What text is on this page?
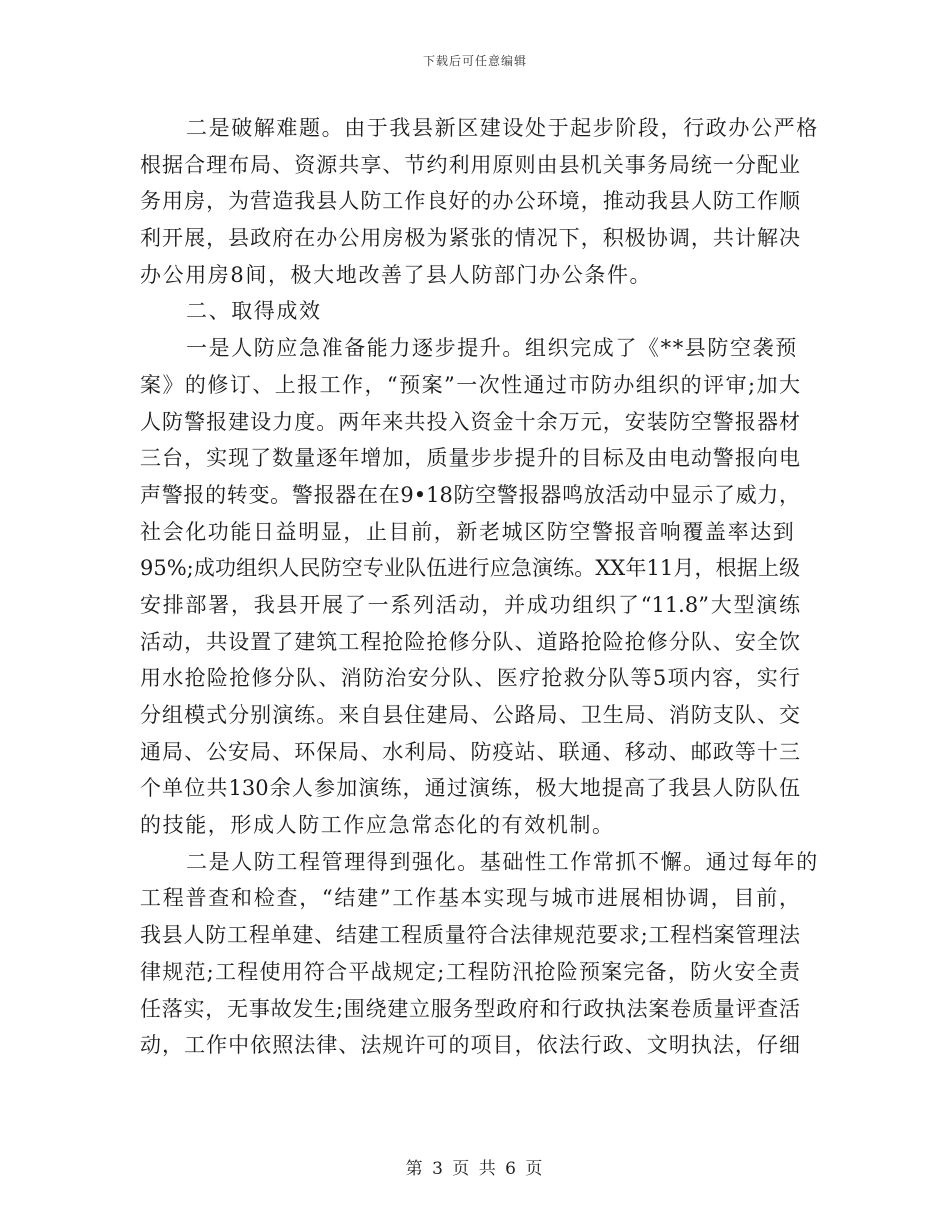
下载后可任意编辑
二是破解难题。由于我县新区建设处于起步阶段，行政办公严格
根据合理布局、资源共享、节约利用原则由县机关事务局统一分配业
务用房，为营造我县人防工作良好的办公环境，推动我县人防工作顺
利开展，县政府在办公用房极为紧张的情况下，积极协调，共计解决
办公用房8间，极大地改善了县人防部门办公条件。
二、取得成效
一是人防应急准备能力逐步提升。组织完成了《**县防空袭预
案》的修订、上报工作，“预案”一次性通过市防办组织的评审;加大
人防警报建设力度。两年来共投入资金十余万元，安装防空警报器材
三台，实现了数量逐年增加，质量步步提升的目标及由电动警报向电
声警报的转变。警报器在在9•18防空警报器鸣放活动中显示了威力，
社会化功能日益明显，止目前，新老城区防空警报音响覆盖率达到
95%;成功组织人民防空专业队伍进行应急演练。XX年11月，根据上级
安排部署，我县开展了一系列活动，并成功组织了“11.8”大型演练
活动，共设置了建筑工程抢险抢修分队、道路抢险抢修分队、安全饮
用水抢险抢修分队、消防治安分队、医疗抢救分队等5项内容，实行
分组模式分别演练。来自县住建局、公路局、卫生局、消防支队、交
通局、公安局、环保局、水利局、防疫站、联通、移动、邮政等十三
个单位共130余人参加演练，通过演练，极大地提高了我县人防队伍
的技能，形成人防工作应急常态化的有效机制。
二是人防工程管理得到强化。基础性工作常抓不懈。通过每年的
工程普查和检查，“结建”工作基本实现与城市进展相协调，目前，
我县人防工程单建、结建工程质量符合法律规范要求;工程档案管理法
律规范;工程使用符合平战规定;工程防汛抢险预案完备，防火安全责
任落实，无事故发生;围绕建立服务型政府和行政执法案卷质量评查活
动，工作中依照法律、法规许可的项目，依法行政、文明执法，仔细
第 3 页 共 6 页
